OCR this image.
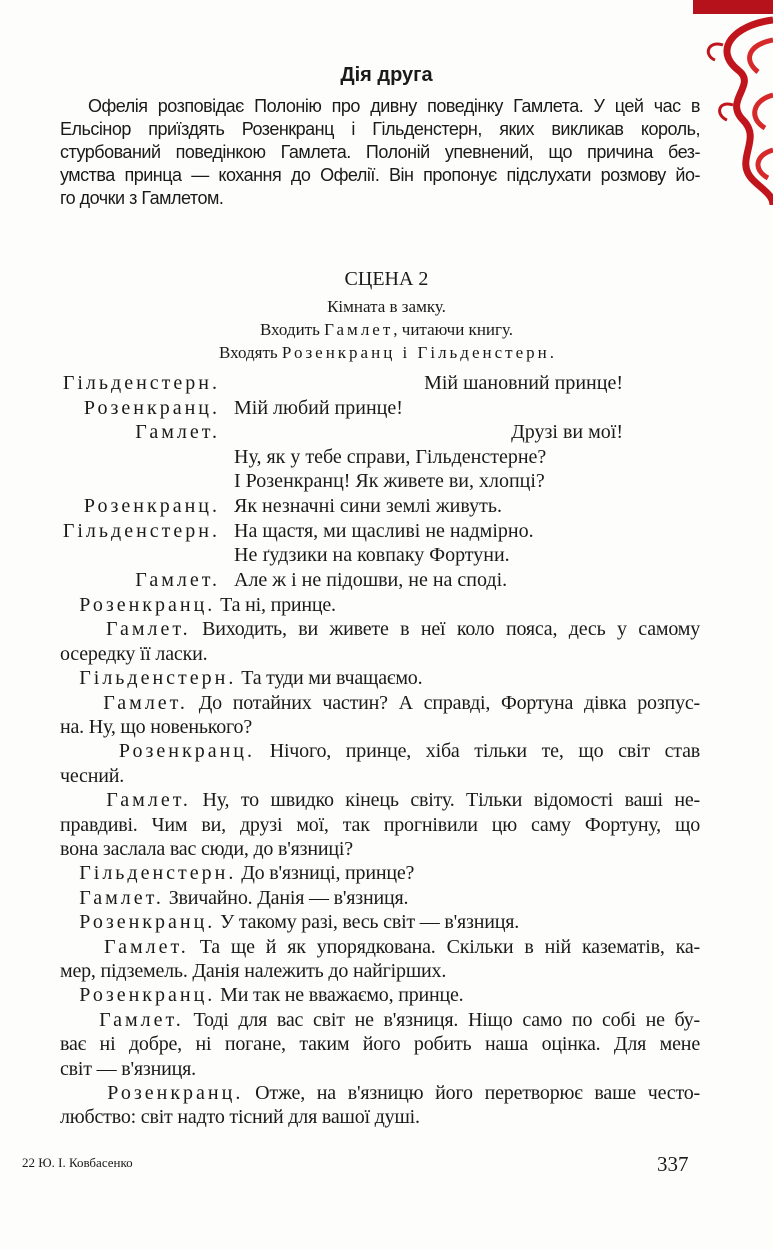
Дія друга
Офелія розповідає Полонію про дивну поведінку Гамлета. У цей час в
Ельсінор приїздять Розенкранц і Гільденстерн, яких викликав король,
стурбований поведінкою Гамлета. Полоній упевнений, що причина без-
умства принца — кохання до Офелії. Він пропонує підслухати розмову йо-
го дочки з Гамлетом.
СЦЕНА 2
Кімната в замку.
Входить Гамлет, читаючи книгу.
Входять Розенкранц і Гільденстерн.
Гільденстерн.	Мій шановний принце!
Розенкранц. Мій любий принце!
Гамлет.	Друзі ви мої!
Ну, як у тебе справи, Гільденстерне?
І Розенкранц! Як живете ви, хлопці?
Розенкранц. Як незначні сини землі живуть.
Гільденстерн. На щастя, ми щасливі не надмірно.
Не ґудзики на ковпаку Фортуни.
Гамлет. Але ж і не підошви, не на споді.
Розенкранц. Та ні, принце.
Гамлет. Виходить, ви живете в неї коло пояса, десь у самому
осередку її ласки.
Гільденстерн. Та туди ми вчащаємо.
Гамлет. До потайних частин? А справді, Фортуна дівка розпус-
на. Ну, що новенького?
Розенкранц. Нічого, принце, хіба тільки те, що світ став
чесний.
Гамлет. Ну, то швидко кінець світу. Тільки відомості ваші не-
правдиві. Чим ви, друзі мої, так прогнівили цю саму Фортуну, що
вона заслала вас сюди, до в'язниці?
Гільденстерн. До в'язниці, принце?
Гамлет. Звичайно. Данія — в'язниця.
Розенкранц. У такому разі, весь світ — в'язниця.
Гамлет. Та ще й як упорядкована. Скільки в ній казематів, ка-
мер, підземель. Данія належить до найгірших.
Розенкранц. Ми так не вважаємо, принце.
Гамлет. Тоді для вас світ не в'язниця. Ніщо само по собі не бу-
ває ні добре, ні погане, таким його робить наша оцінка. Для мене
світ — в'язниця.
Розенкранц. Отже, на в'язницю його перетворює ваше често-
любство: світ надто тісний для вашої душі.
22 Ю. І. Ковбасенко	337
